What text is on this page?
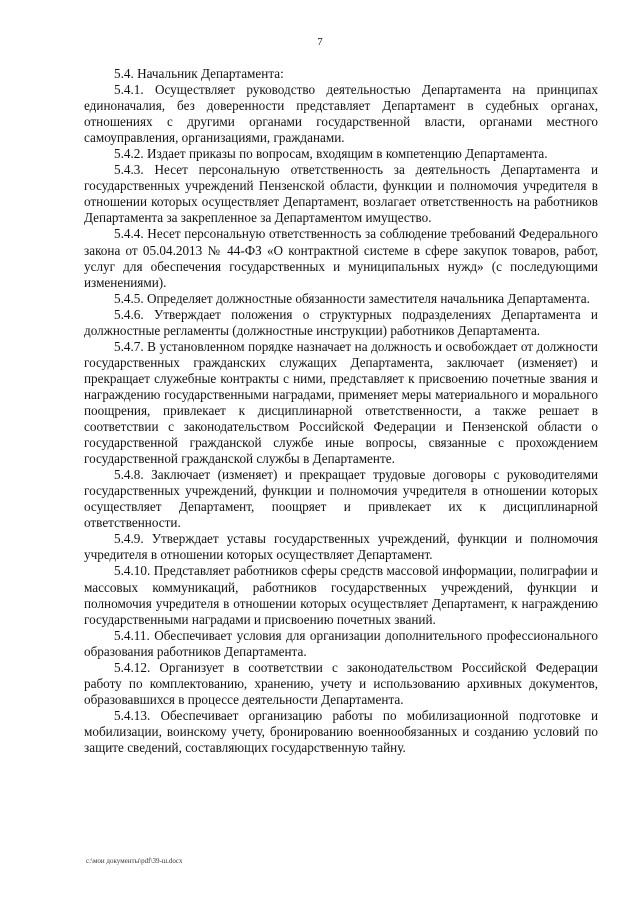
7

5.4. Начальник Департамента:

5.4.1. Осуществляет руководство деятельностью Департамента на принципах единоначалия, без доверенности представляет Департамент в судебных органах, отношениях с другими органами государственной власти, органами местного самоуправления, организациями, гражданами.

5.4.2. Издает приказы по вопросам, входящим в компетенцию Департамента.

5.4.3. Несет персональную ответственность за деятельность Департамента и государственных учреждений Пензенской области, функции и полномочия учредителя в отношении которых осуществляет Департамент, возлагает ответственность на работников Департамента за закрепленное за Департаментом имущество.

5.4.4. Несет персональную ответственность за соблюдение требований Федерального закона от 05.04.2013 № 44-ФЗ «О контрактной системе в сфере закупок товаров, работ, услуг для обеспечения государственных и муниципальных нужд» (с последующими изменениями).

5.4.5. Определяет должностные обязанности заместителя начальника Департамента.

5.4.6. Утверждает положения о структурных подразделениях Департамента и должностные регламенты (должностные инструкции) работников Департамента.

5.4.7. В установленном порядке назначает на должность и освобождает от должности государственных гражданских служащих Департамента, заключает (изменяет) и прекращает служебные контракты с ними, представляет к присвоению почетные звания и награждению государственными наградами, применяет меры материального и морального поощрения, привлекает к дисциплинарной ответственности, а также решает в соответствии с законодательством Российской Федерации и Пензенской области о государственной гражданской службе иные вопросы, связанные с прохождением государственной гражданской службы в Департаменте.

5.4.8. Заключает (изменяет) и прекращает трудовые договоры с руководителями государственных учреждений, функции и полномочия учредителя в отношении которых осуществляет Департамент, поощряет и привлекает их к дисциплинарной ответственности.

5.4.9. Утверждает уставы государственных учреждений, функции и полномочия учредителя в отношении которых осуществляет Департамент.

5.4.10. Представляет работников сферы средств массовой информации, полиграфии и массовых коммуникаций, работников государственных учреждений, функции и полномочия учредителя в отношении которых осуществляет Департамент, к награждению государственными наградами и присвоению почетных званий.

5.4.11. Обеспечивает условия для организации дополнительного профессионального образования работников Департамента.

5.4.12. Организует в соответствии с законодательством Российской Федерации работу по комплектованию, хранению, учету и использованию архивных документов, образовавшихся в процессе деятельности Департамента.

5.4.13. Обеспечивает организацию работы по мобилизационной подготовке и мобилизации, воинскому учету, бронированию военнообязанных и созданию условий по защите сведений, составляющих государственную тайну.

c:\мои документы\pdf\39-ш.docx
